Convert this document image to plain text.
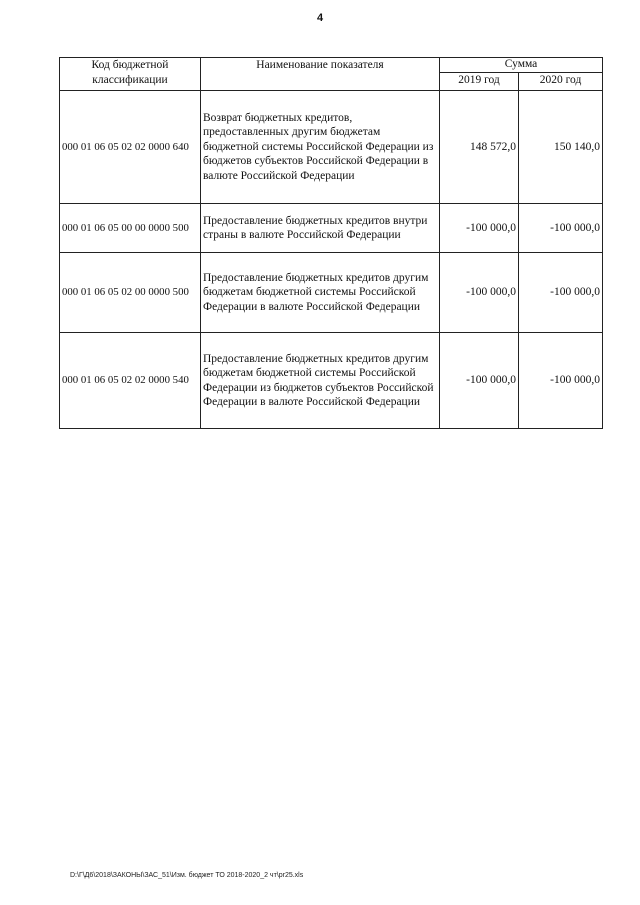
4
Код бюджетной классификации	Наименование показателя	Сумма	
		2019 год	2020 год
000 01 06 05 02 02 0000 640	Возврат бюджетных кредитов, предоставленных другим бюджетам бюджетной системы Российской Федерации из бюджетов субъектов Российской Федерации в валюте Российской Федерации	148 572,0	150 140,0
000 01 06 05 00 00 0000 500	Предоставление бюджетных кредитов внутри страны в валюте Российской Федерации	-100 000,0	-100 000,0
000 01 06 05 02 00 0000 500	Предоставление бюджетных кредитов другим бюджетам бюджетной системы Российской Федерации в валюте Российской Федерации	-100 000,0	-100 000,0
000 01 06 05 02 02 0000 540	Предоставление бюджетных кредитов другим бюджетам бюджетной системы Российской Федерации из бюджетов субъектов Российской Федерации в валюте Российской Федерации	-100 000,0	-100 000,0
D:\Г\Д6\2018\ЗАКОНЫ\ЗАС_51\Изм. бюджет ТО 2018-2020_2 чт\pr25.xls
